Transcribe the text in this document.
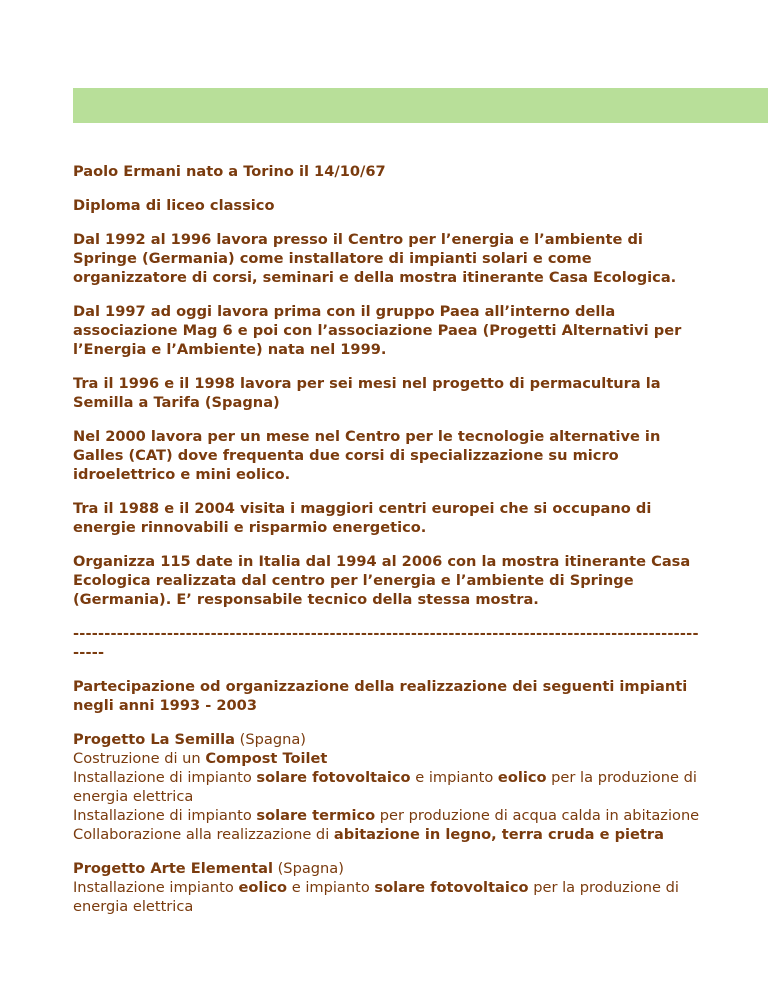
Paolo Ermani nato a Torino il 14/10/67

Diploma di liceo classico

Dal 1992 al 1996 lavora presso il Centro per l’energia e l’ambiente di Springe (Germania) come installatore di impianti solari e come organizzatore di corsi, seminari e della mostra itinerante Casa Ecologica.

Dal 1997 ad oggi lavora prima con il gruppo Paea all’interno della associazione Mag 6 e poi con l’associazione Paea (Progetti Alternativi per l’Energia e l’Ambiente) nata nel 1999.

Tra il 1996 e il 1998 lavora per sei mesi nel progetto di permacultura la Semilla a Tarifa (Spagna)

Nel 2000 lavora per un mese nel Centro per le tecnologie alternative in Galles (CAT) dove frequenta due corsi di specializzazione su micro idroelettrico e mini eolico.

Tra il 1988 e il 2004 visita i maggiori centri europei che si occupano di energie rinnovabili e risparmio energetico.

Organizza 115 date in Italia dal 1994 al 2006 con la mostra itinerante Casa Ecologica realizzata dal centro per l’energia e l’ambiente di Springe (Germania). E’ responsabile tecnico della stessa mostra.

---------------------------------------------------------------------------------------------------------

Partecipazione od organizzazione della realizzazione dei seguenti impianti negli anni 1993 - 2003

Progetto La Semilla (Spagna)
Costruzione di un Compost Toilet
Installazione di impianto solare fotovoltaico e impianto eolico per la produzione di energia elettrica
Installazione di impianto solare termico per produzione di acqua calda in abitazione
Collaborazione alla realizzazione di abitazione in legno, terra cruda e pietra
Progetto Arte Elemental (Spagna)
Installazione impianto eolico e impianto solare fotovoltaico per la produzione di energia elettrica
